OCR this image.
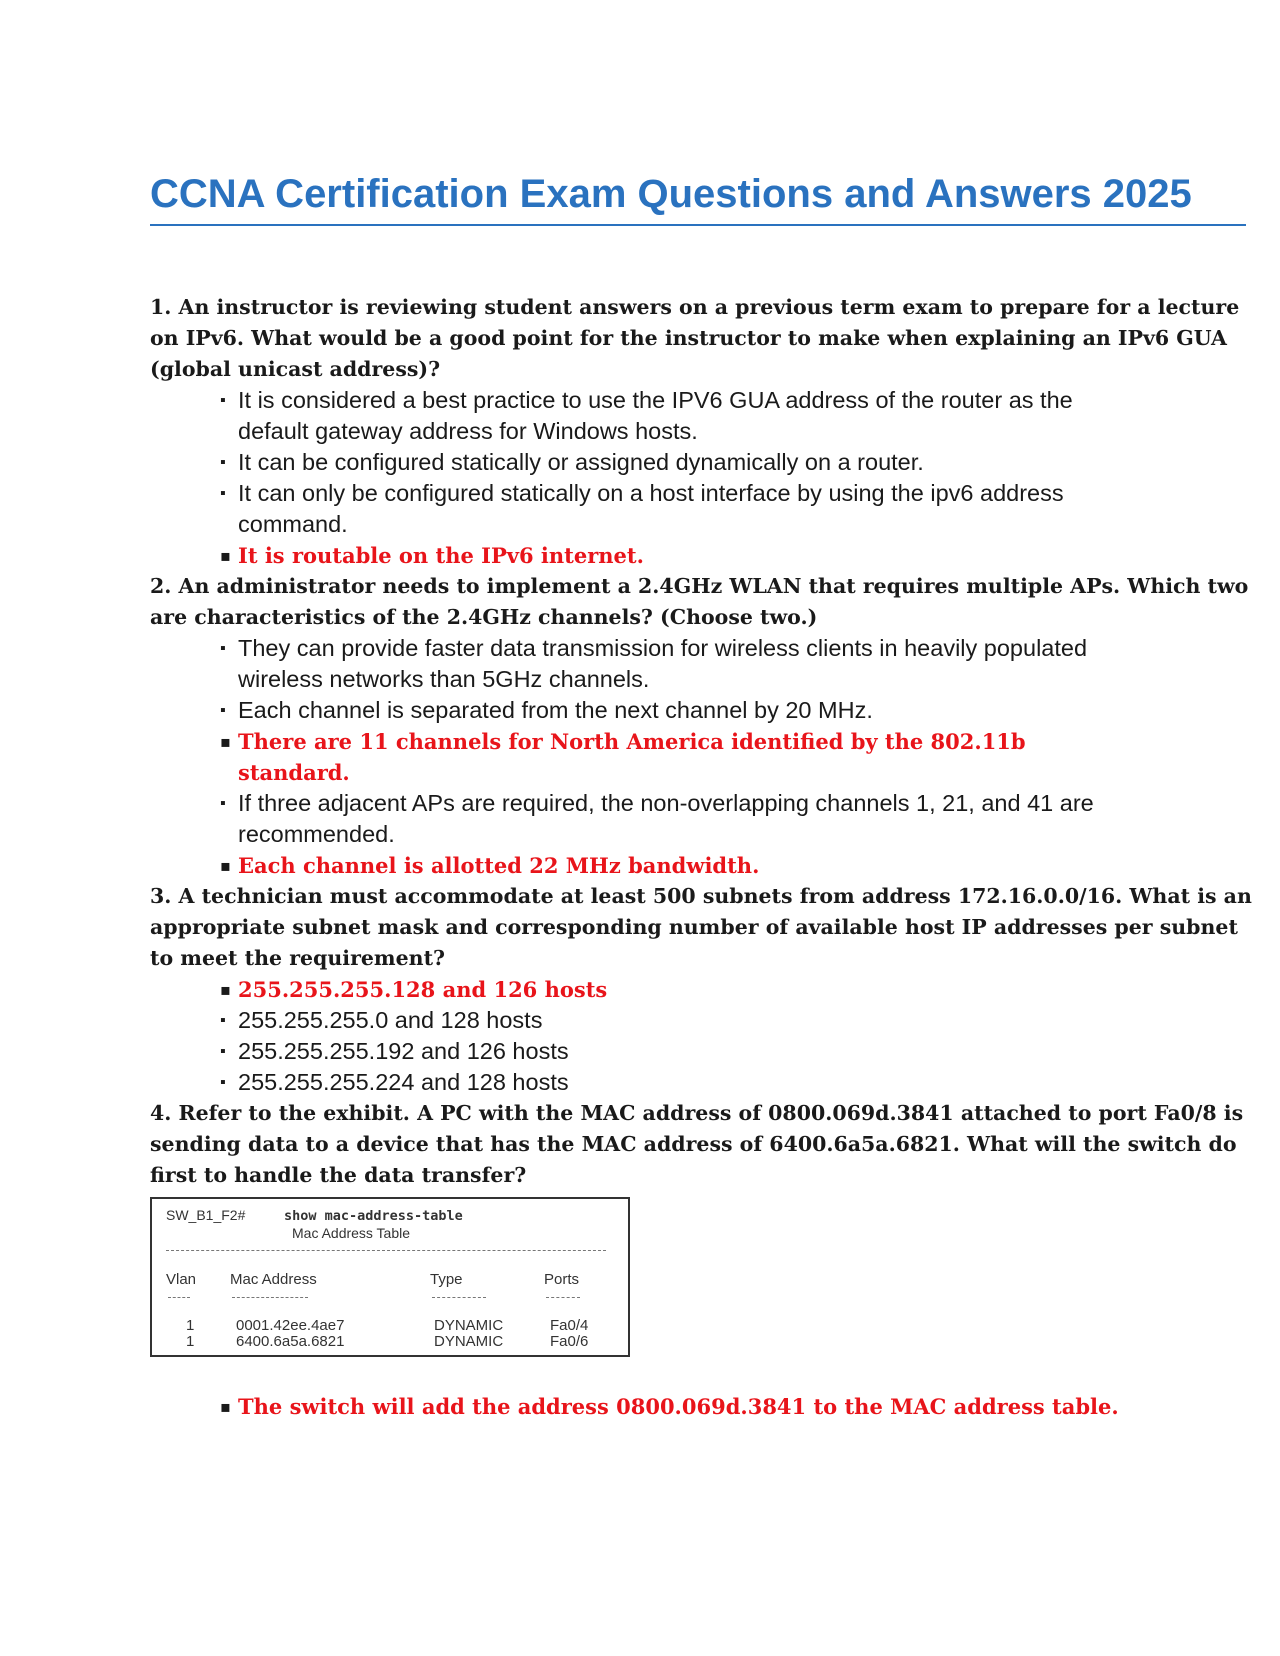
CCNA Certification Exam Questions and Answers 2025

1. An instructor is reviewing student answers on a previous term exam to prepare for a lecture on IPv6. What would be a good point for the instructor to make when explaining an IPv6 GUA (global unicast address)?

▪ It is considered a best practice to use the IPV6 GUA address of the router as the default gateway address for Windows hosts.
▪ It can be configured statically or assigned dynamically on a router.
▪ It can only be configured statically on a host interface by using the ipv6 address command.
▪ It is routable on the IPv6 internet.

2. An administrator needs to implement a 2.4GHz WLAN that requires multiple APs. Which two are characteristics of the 2.4GHz channels? (Choose two.)

▪ They can provide faster data transmission for wireless clients in heavily populated wireless networks than 5GHz channels.
▪ Each channel is separated from the next channel by 20 MHz.
▪ There are 11 channels for North America identified by the 802.11b standard.
▪ If three adjacent APs are required, the non-overlapping channels 1, 21, and 41 are recommended.
▪ Each channel is allotted 22 MHz bandwidth.

3. A technician must accommodate at least 500 subnets from address 172.16.0.0/16. What is an appropriate subnet mask and corresponding number of available host IP addresses per subnet to meet the requirement?

▪ 255.255.255.128 and 126 hosts
▪ 255.255.255.0 and 128 hosts
▪ 255.255.255.192 and 126 hosts
▪ 255.255.255.224 and 128 hosts

4. Refer to the exhibit. A PC with the MAC address of 0800.069d.3841 attached to port Fa0/8 is sending data to a device that has the MAC address of 6400.6a5a.6821. What will the switch do first to handle the data transfer?

SW_B1_F2#	show mac-address-table
Mac Address Table
Vlan Mac Address	Type	Ports
1	0001.42ee.4ae7	DYNAMIC	Fa0/4
1	6400.6a5a.6821	DYNAMIC	Fa0/6
▪ The switch will add the address 0800.069d.3841 to the MAC address table.
